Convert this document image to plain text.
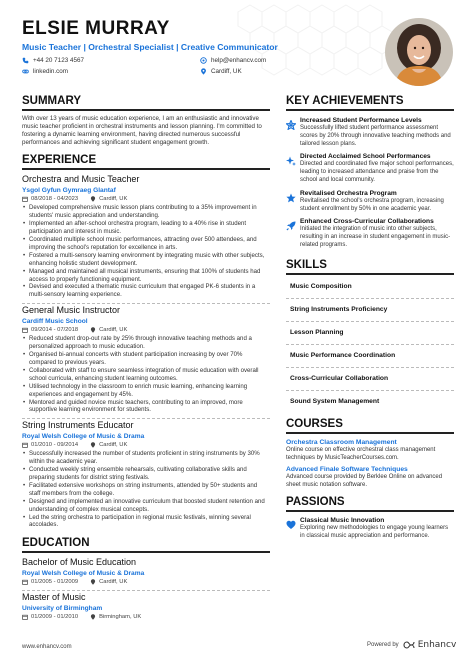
ELSIE MURRAY
Music Teacher | Orchestral Specialist | Creative Communicator
+44 20 7123 4567	help@enhancv.com
linkedin.com	Cardiff, UK
SUMMARY
With over 13 years of music education experience, I am an enthusiastic and innovative music teacher proficient in orchestral instruments and lesson planning. I'm committed to fostering a dynamic learning environment, having directed numerous successful performances and achieving significant student engagement growth.
EXPERIENCE
Orchestra and Music Teacher
Ysgol Gyfun Gymraeg Glantaf
08/2018 - 04/2023	Cardiff, UK
• Developed comprehensive music lesson plans contributing to a 35% improvement in students' music appreciation and understanding.
• Implemented an after-school orchestra program, leading to a 40% rise in student participation and interest in music.
• Coordinated multiple school music performances, attracting over 500 attendees, and improving the school's reputation for excellence in arts.
• Fostered a multi-sensory learning environment by integrating music with other subjects, enhancing holistic student development.
• Managed and maintained all musical instruments, ensuring that 100% of students had access to properly functioning equipment.
• Devised and executed a thematic music curriculum that engaged PK-6 students in a multi-sensory learning experience.
General Music Instructor
Cardiff Music School
09/2014 - 07/2018	Cardiff, UK
• Reduced student drop-out rate by 25% through innovative teaching methods and a personalized approach to music education.
• Organised bi-annual concerts with student participation increasing by over 70% compared to previous years.
• Collaborated with staff to ensure seamless integration of music education with overall school curricula, enhancing student learning outcomes.
• Utilised technology in the classroom to enrich music learning, enhancing learning experiences and engagement by 45%.
• Mentored and guided novice music teachers, contributing to an improved, more supportive learning environment for students.
String Instruments Educator
Royal Welsh College of Music & Drama
01/2010 - 09/2014	Cardiff, UK
• Successfully increased the number of students proficient in string instruments by 30% within the academic year.
• Conducted weekly string ensemble rehearsals, cultivating collaborative skills and preparing students for district string festivals.
• Facilitated extensive workshops on string instruments, attended by 50+ students and staff members from the college.
• Designed and implemented an innovative curriculum that boosted student retention and understanding of complex musical concepts.
• Led the string orchestra to participation in regional music festivals, winning several accolades.
EDUCATION
Bachelor of Music Education
Royal Welsh College of Music & Drama
01/2005 - 01/2009	Cardiff, UK
Master of Music
University of Birmingham
01/2009 - 01/2010	Birmingham, UK
KEY ACHIEVEMENTS
Increased Student Performance Levels
Successfully lifted student performance assessment scores by 20% through innovative teaching methods and tailored lesson plans.
Directed Acclaimed School Performances
Directed and coordinated five major school performances, leading to increased attendance and praise from the school and local community.
Revitalised Orchestra Program
Revitalised the school's orchestra program, increasing student enrollment by 50% in one academic year.
Enhanced Cross-Curricular Collaborations
Initiated the integration of music into other subjects, resulting in an increase in student engagement in music-related programs.
SKILLS
Music Composition
String Instruments Proficiency
Lesson Planning
Music Performance Coordination
Cross-Curricular Collaboration
Sound System Management
COURSES
Orchestra Classroom Management
Online course on effective orchestral class management techniques by MusicTeacherCourses.com.
Advanced Finale Software Techniques
Advanced course provided by Berklee Online on advanced sheet music notation software.
PASSIONS
Classical Music Innovation
Exploring new methodologies to engage young learners in classical music appreciation and performance.
www.enhancv.com	Powered by Enhancv
